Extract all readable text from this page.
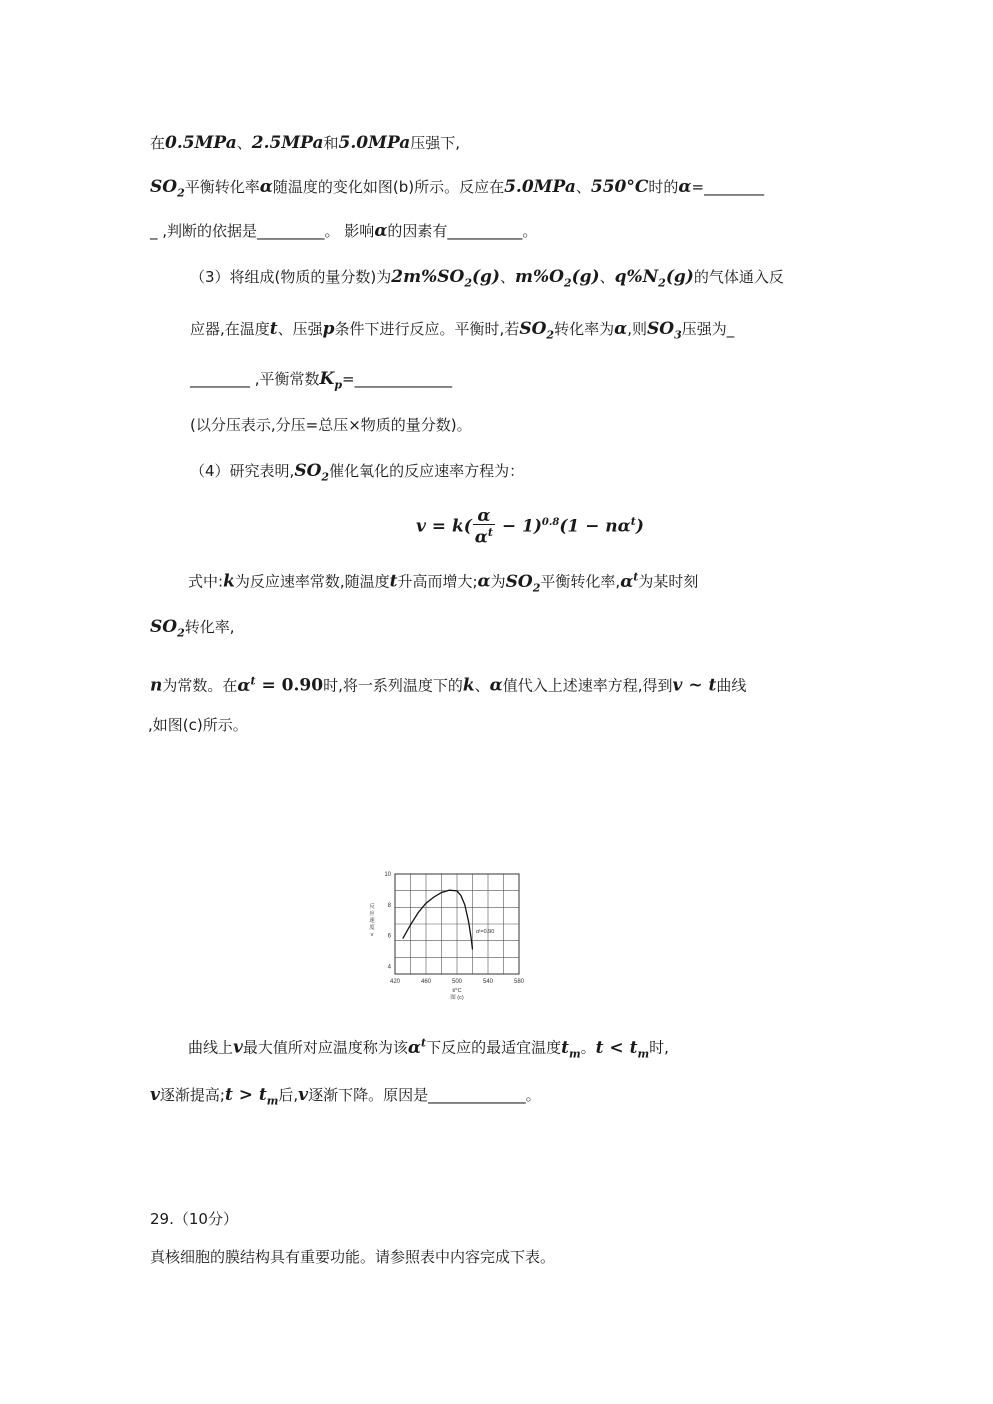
在0.5MPa、2.5MPa和5.0MPa压强下,
$SO_2$平衡转化率α随温度的变化如图(b)所示。反应在5.0MPa、550°C时的α=________
_ ,判断的依据是_________。 影响α的因素有__________。
（3）将组成(物质的量分数)为$2m\%SO_2(g)$、$m\%O_2(g)$、$q\%N_2(g)$的气体通入反
应器,在温度t、压强p条件下进行反应。平衡时,若$SO_2$转化率为α,则$SO_3$压强为_
________ ,平衡常数$K_p=\_\_\_\_\_\_\_\_\_\_\_\_\_$
(以分压表示,分压=总压×物质的量分数)。
（4）研究表明$,SO_2$催化氧化的反应速率方程为：
$v = k( \frac{\alpha}{\alpha^t} - 1)^{0.8}(1 - n\alpha^t)$
式中:k为反应速率常数,随温度t升高而增大;α为$SO_2$平衡转化率$,\alpha^t$为某时刻
$SO_2$转化率,
n为常数。在$\alpha^t = 0.90$时,将一系列温度下的k、α值代入上述速率方程,得到v ~ t曲线
,如图(c)所示。
420	460	500	540	580
4
6
8
10
反
应
速
度
v
t/°C
图 (c)
αᵗ=0.90
曲线上v最大值所对应温度称为该$\alpha^t$下反应的最适宜温度$t_m$。$t < t_m$时,
v逐渐提高;t > $t_m$后,v逐渐下降。原因是_____________。
29.（10分）
真核细胞的膜结构具有重要功能。请参照表中内容完成下表。
